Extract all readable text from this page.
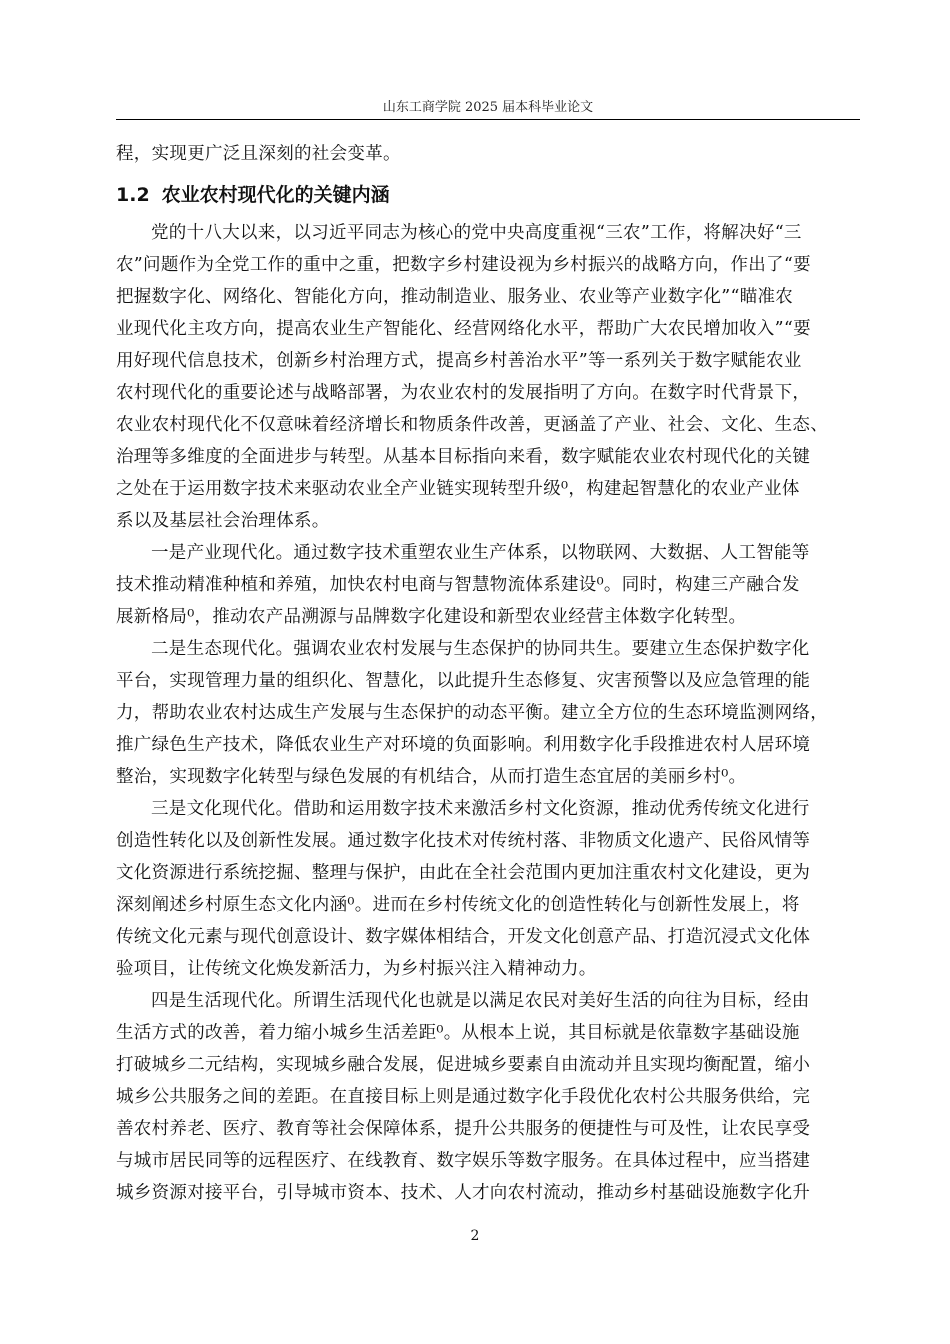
山东工商学院 2025 届本科毕业论文

程，实现更广泛且深刻的社会变革。

1.2 农业农村现代化的关键内涵

党的十八大以来，以习近平同志为核心的党中央高度重视“三农”工作，将解决好“三

农”问题作为全党工作的重中之重，把数字乡村建设视为乡村振兴的战略方向，作出了“要

把握数字化、网络化、智能化方向，推动制造业、服务业、农业等产业数字化”“瞄准农

业现代化主攻方向，提高农业生产智能化、经营网络化水平，帮助广大农民增加收入”“要

用好现代信息技术，创新乡村治理方式，提高乡村善治水平”等一系列关于数字赋能农业

农村现代化的重要论述与战略部署，为农业农村的发展指明了方向。在数字时代背景下，

农业农村现代化不仅意味着经济增长和物质条件改善，更涵盖了产业、社会、文化、生态、

治理等多维度的全面进步与转型。从基本目标指向来看，数字赋能农业农村现代化的关键

之处在于运用数字技术来驱动农业全产业链实现转型升级⁰，构建起智慧化的农业产业体

系以及基层社会治理体系。

一是产业现代化。通过数字技术重塑农业生产体系，以物联网、大数据、人工智能等

技术推动精准种植和养殖，加快农村电商与智慧物流体系建设⁰。同时，构建三产融合发

展新格局⁰，推动农产品溯源与品牌数字化建设和新型农业经营主体数字化转型。

二是生态现代化。强调农业农村发展与生态保护的协同共生。要建立生态保护数字化

平台，实现管理力量的组织化、智慧化，以此提升生态修复、灾害预警以及应急管理的能

力，帮助农业农村达成生产发展与生态保护的动态平衡。建立全方位的生态环境监测网络，

推广绿色生产技术，降低农业生产对环境的负面影响。利用数字化手段推进农村人居环境

整治，实现数字化转型与绿色发展的有机结合，从而打造生态宜居的美丽乡村⁰。

三是文化现代化。借助和运用数字技术来激活乡村文化资源，推动优秀传统文化进行

创造性转化以及创新性发展。通过数字化技术对传统村落、非物质文化遗产、民俗风情等

文化资源进行系统挖掘、整理与保护，由此在全社会范围内更加注重农村文化建设，更为

深刻阐述乡村原生态文化内涵⁰。进而在乡村传统文化的创造性转化与创新性发展上，将

传统文化元素与现代创意设计、数字媒体相结合，开发文化创意产品、打造沉浸式文化体

验项目，让传统文化焕发新活力，为乡村振兴注入精神动力。

四是生活现代化。所谓生活现代化也就是以满足农民对美好生活的向往为目标，经由

生活方式的改善，着力缩小城乡生活差距⁰。从根本上说，其目标就是依靠数字基础设施

打破城乡二元结构，实现城乡融合发展，促进城乡要素自由流动并且实现均衡配置，缩小

城乡公共服务之间的差距。在直接目标上则是通过数字化手段优化农村公共服务供给，完

善农村养老、医疗、教育等社会保障体系，提升公共服务的便捷性与可及性，让农民享受

与城市居民同等的远程医疗、在线教育、数字娱乐等数字服务。在具体过程中，应当搭建

城乡资源对接平台，引导城市资本、技术、人才向农村流动，推动乡村基础设施数字化升

2
